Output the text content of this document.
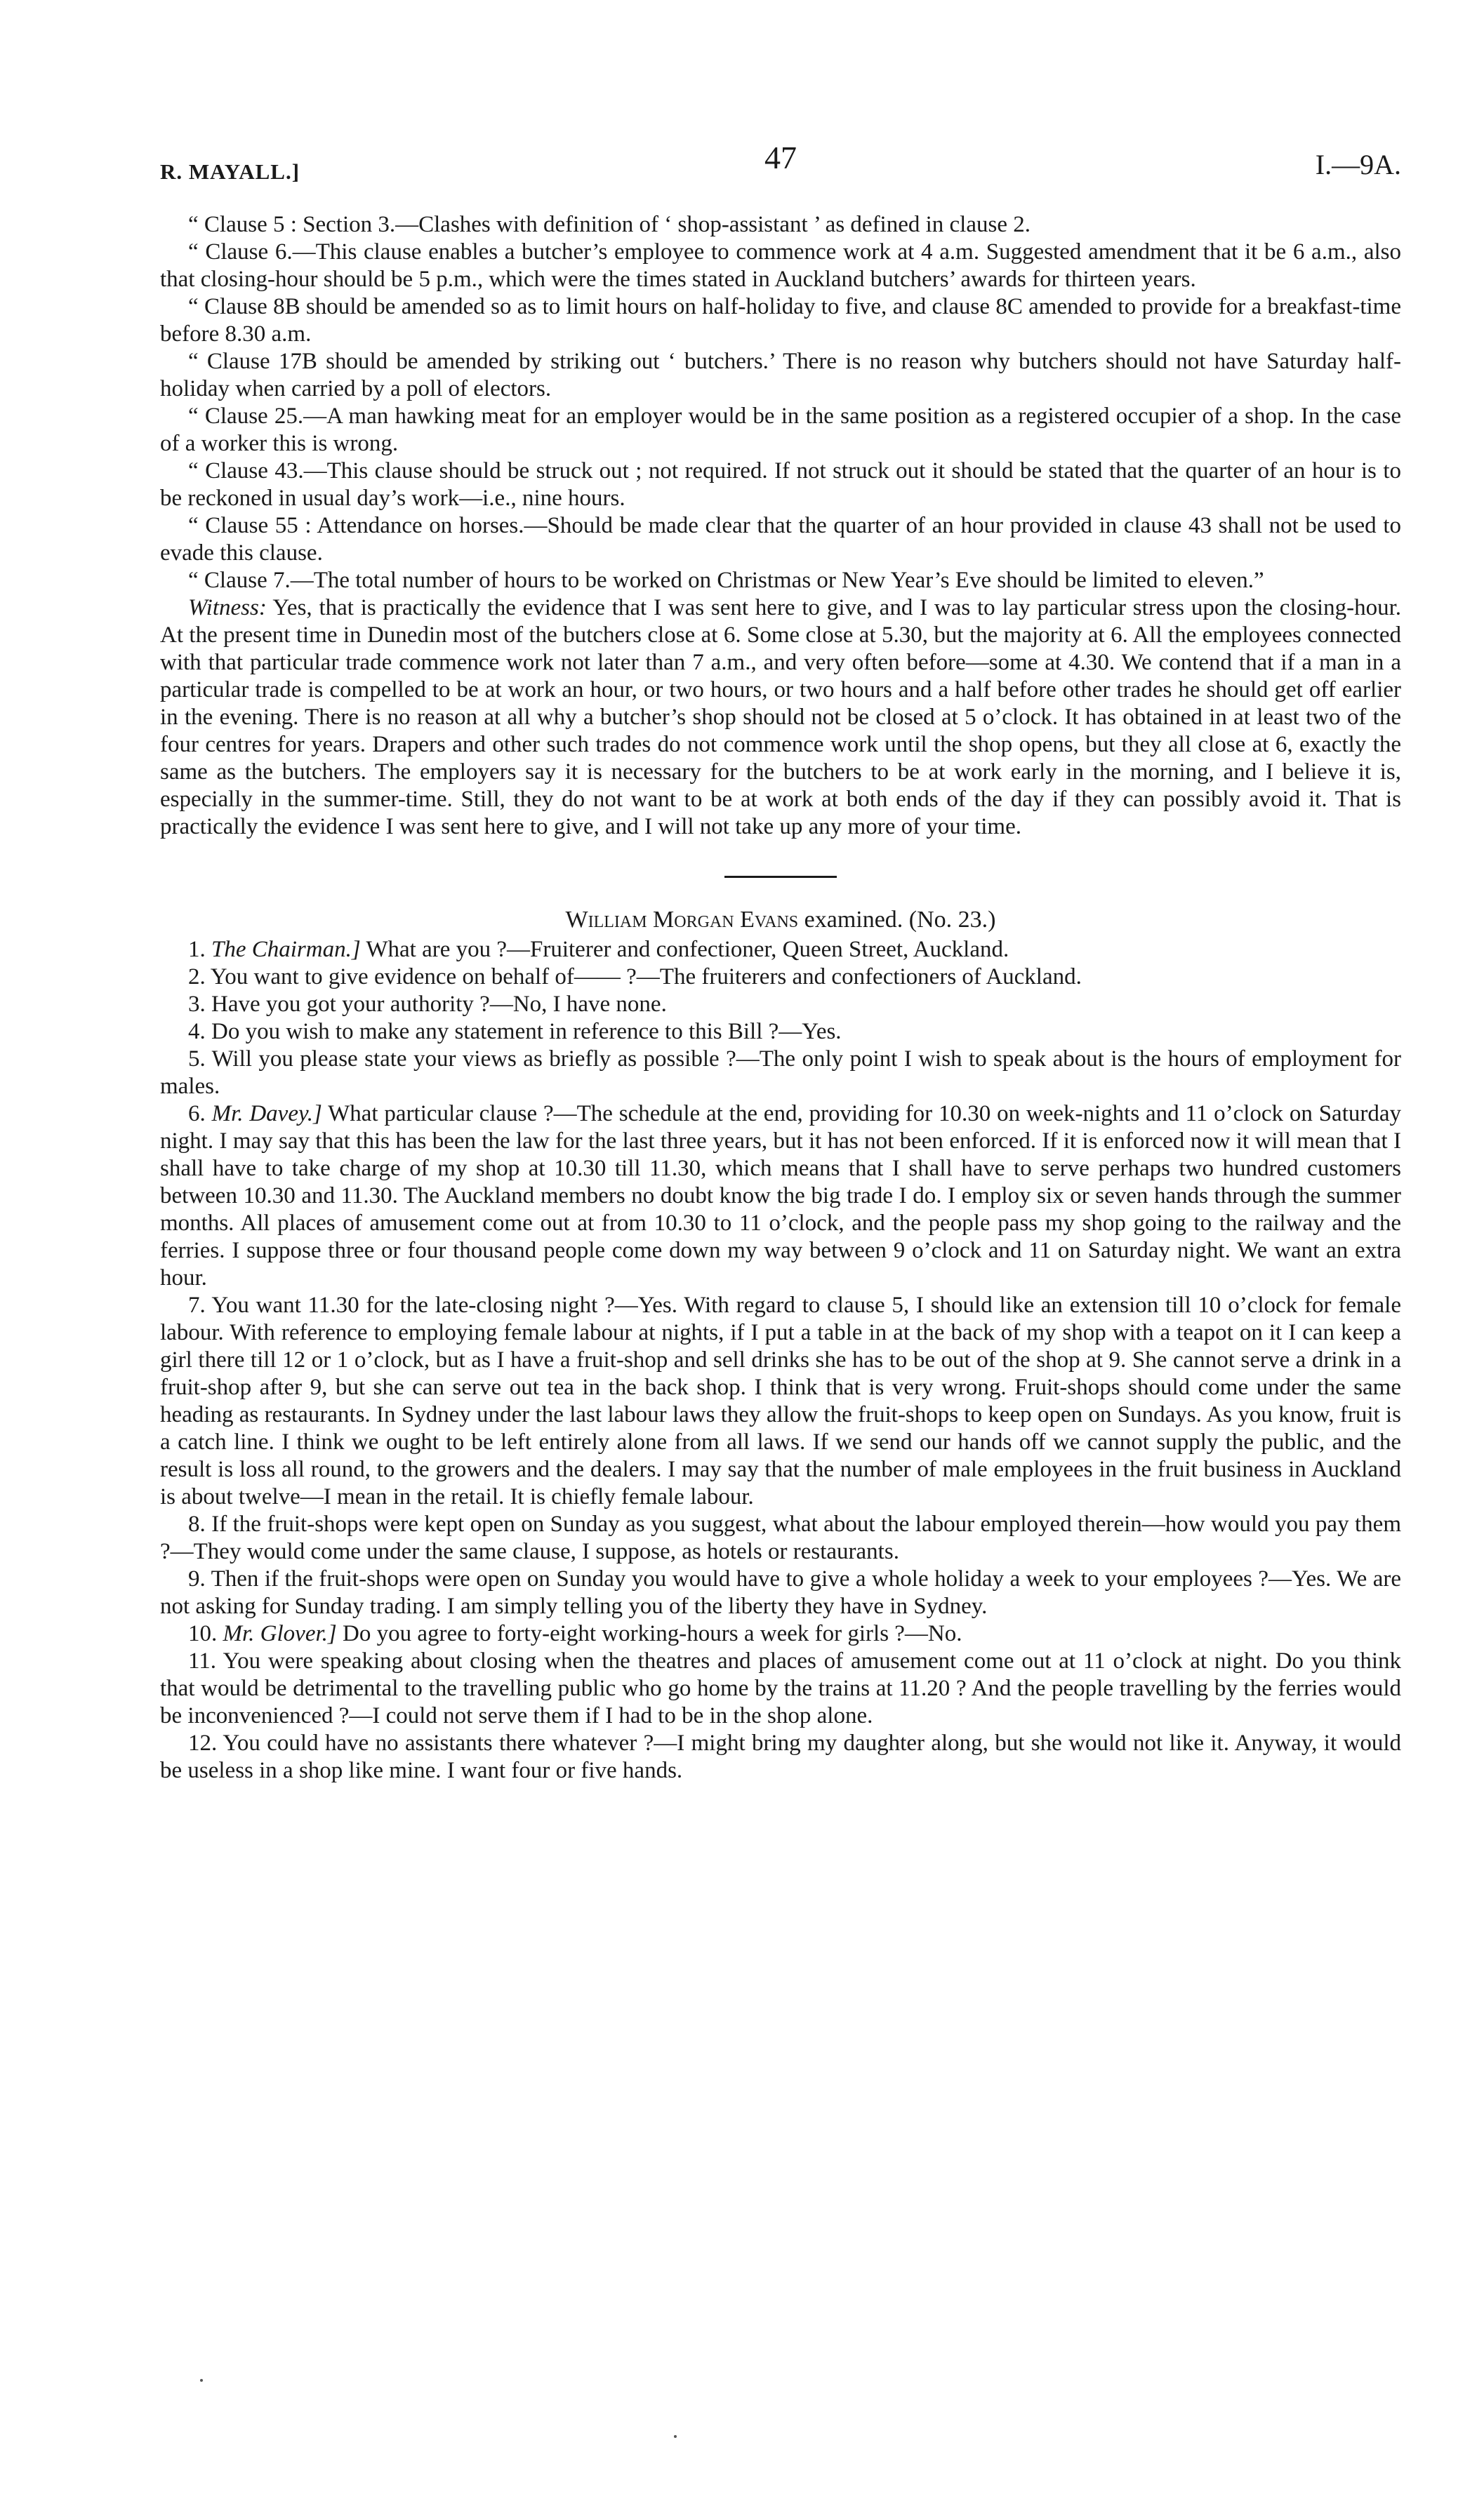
R. MAYALL.]	47	I.—9A.

“ Clause 5 : Section 3.—Clashes with definition of ‘ shop-assistant ’ as defined in clause 2.

“ Clause 6.—This clause enables a butcher’s employee to commence work at 4 a.m. Suggested amendment that it be 6 a.m., also that closing-hour should be 5 p.m., which were the times stated in Auckland butchers’ awards for thirteen years.

“ Clause 8B should be amended so as to limit hours on half-holiday to five, and clause 8C amended to provide for a breakfast-time before 8.30 a.m.

“ Clause 17B should be amended by striking out ‘ butchers.’ There is no reason why butchers should not have Saturday half-holiday when carried by a poll of electors.

“ Clause 25.—A man hawking meat for an employer would be in the same position as a registered occupier of a shop. In the case of a worker this is wrong.

“ Clause 43.—This clause should be struck out ; not required. If not struck out it should be stated that the quarter of an hour is to be reckoned in usual day’s work—i.e., nine hours.

“ Clause 55 : Attendance on horses.—Should be made clear that the quarter of an hour provided in clause 43 shall not be used to evade this clause.

“ Clause 7.—The total number of hours to be worked on Christmas or New Year’s Eve should be limited to eleven.”

Witness: Yes, that is practically the evidence that I was sent here to give, and I was to lay particular stress upon the closing-hour. At the present time in Dunedin most of the butchers close at 6. Some close at 5.30, but the majority at 6. All the employees connected with that particular trade commence work not later than 7 a.m., and very often before—some at 4.30. We contend that if a man in a particular trade is compelled to be at work an hour, or two hours, or two hours and a half before other trades he should get off earlier in the evening. There is no reason at all why a butcher’s shop should not be closed at 5 o’clock. It has obtained in at least two of the four centres for years. Drapers and other such trades do not commence work until the shop opens, but they all close at 6, exactly the same as the butchers. The employers say it is necessary for the butchers to be at work early in the morning, and I believe it is, especially in the summer-time. Still, they do not want to be at work at both ends of the day if they can possibly avoid it. That is practically the evidence I was sent here to give, and I will not take up any more of your time.

William Morgan Evans examined. (No. 23.)

1. The Chairman.] What are you ?—Fruiterer and confectioner, Queen Street, Auckland.

2. You want to give evidence on behalf of—— ?—The fruiterers and confectioners of Auckland.

3. Have you got your authority ?—No, I have none.

4. Do you wish to make any statement in reference to this Bill ?—Yes.

5. Will you please state your views as briefly as possible ?—The only point I wish to speak about is the hours of employment for males.

6. Mr. Davey.] What particular clause ?—The schedule at the end, providing for 10.30 on week-nights and 11 o’clock on Saturday night. I may say that this has been the law for the last three years, but it has not been enforced. If it is enforced now it will mean that I shall have to take charge of my shop at 10.30 till 11.30, which means that I shall have to serve perhaps two hundred customers between 10.30 and 11.30. The Auckland members no doubt know the big trade I do. I employ six or seven hands through the summer months. All places of amusement come out at from 10.30 to 11 o’clock, and the people pass my shop going to the railway and the ferries. I suppose three or four thousand people come down my way between 9 o’clock and 11 on Saturday night. We want an extra hour.

7. You want 11.30 for the late-closing night ?—Yes. With regard to clause 5, I should like an extension till 10 o’clock for female labour. With reference to employing female labour at nights, if I put a table in at the back of my shop with a teapot on it I can keep a girl there till 12 or 1 o’clock, but as I have a fruit-shop and sell drinks she has to be out of the shop at 9. She cannot serve a drink in a fruit-shop after 9, but she can serve out tea in the back shop. I think that is very wrong. Fruit-shops should come under the same heading as restaurants. In Sydney under the last labour laws they allow the fruit-shops to keep open on Sundays. As you know, fruit is a catch line. I think we ought to be left entirely alone from all laws. If we send our hands off we cannot supply the public, and the result is loss all round, to the growers and the dealers. I may say that the number of male employees in the fruit business in Auckland is about twelve—I mean in the retail. It is chiefly female labour.

8. If the fruit-shops were kept open on Sunday as you suggest, what about the labour employed therein—how would you pay them ?—They would come under the same clause, I suppose, as hotels or restaurants.

9. Then if the fruit-shops were open on Sunday you would have to give a whole holiday a week to your employees ?—Yes. We are not asking for Sunday trading. I am simply telling you of the liberty they have in Sydney.

10. Mr. Glover.] Do you agree to forty-eight working-hours a week for girls ?—No.

11. You were speaking about closing when the theatres and places of amusement come out at 11 o’clock at night. Do you think that would be detrimental to the travelling public who go home by the trains at 11.20 ? And the people travelling by the ferries would be inconvenienced ?—I could not serve them if I had to be in the shop alone.

12. You could have no assistants there whatever ?—I might bring my daughter along, but she would not like it. Anyway, it would be useless in a shop like mine. I want four or five hands.
